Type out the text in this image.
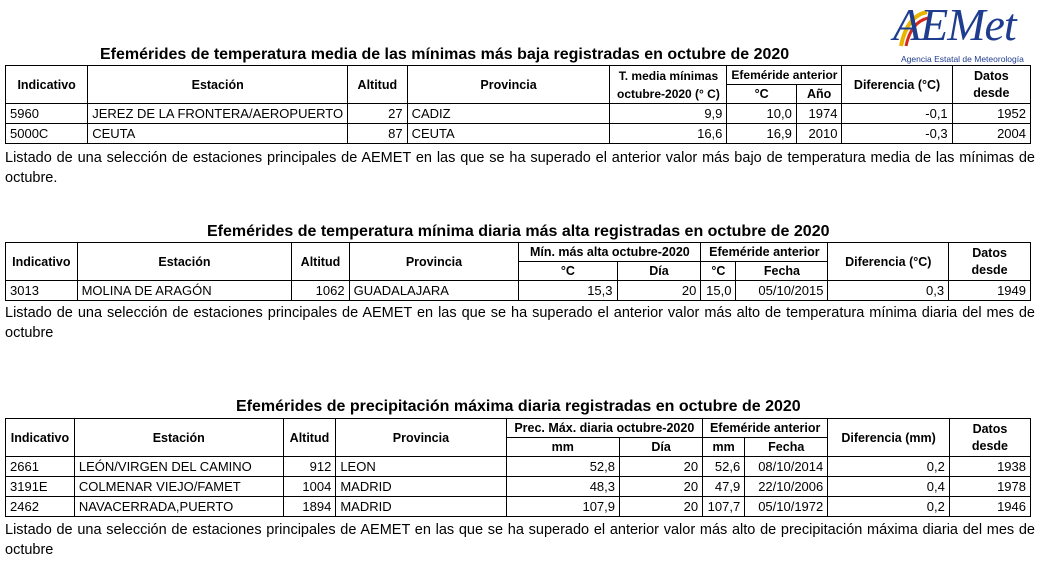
AEMet
Agencia Estatal de Meteorología
Efemérides de temperatura media de las mínimas más baja registradas en octubre de 2020
Indicativo	Estación	Altitud	Provincia	T. media mínimas octubre-2020 (° C)	Efeméride anterior		Diferencia (°C)	Datos desde
					°C	Año		
5960	JEREZ DE LA FRONTERA/AEROPUERTO	27	CADIZ	9,9	10,0	1974	-0,1	1952
5000C	CEUTA	87	CEUTA	16,6	16,9	2010	-0,3	2004
Listado de una selección de estaciones principales de AEMET en las que se ha superado el anterior valor más bajo de temperatura media de las mínimas de octubre.
Efemérides de temperatura mínima diaria más alta registradas en octubre de 2020
Indicativo	Estación	Altitud	Provincia	Mín. más alta octubre-2020		Efeméride anterior		Diferencia (°C)	Datos desde
				°C	Día	°C	Fecha		
3013	MOLINA DE ARAGÓN	1062	GUADALAJARA	15,3	20	15,0	05/10/2015	0,3	1949
Listado de una selección de estaciones principales de AEMET en las que se ha superado el anterior valor más alto de temperatura mínima diaria del mes de octubre
Efemérides de precipitación máxima diaria registradas en octubre de 2020
Indicativo	Estación	Altitud	Provincia	Prec. Máx. diaria octubre-2020		Efeméride anterior		Diferencia (mm)	Datos desde
				mm	Día	mm	Fecha		
2661	LEÓN/VIRGEN DEL CAMINO	912	LEON	52,8	20	52,6	08/10/2014	0,2	1938
3191E	COLMENAR VIEJO/FAMET	1004	MADRID	48,3	20	47,9	22/10/2006	0,4	1978
2462	NAVACERRADA,PUERTO	1894	MADRID	107,9	20	107,7	05/10/1972	0,2	1946
Listado de una selección de estaciones principales de AEMET en las que se ha superado el anterior valor más alto de precipitación máxima diaria del mes de octubre
